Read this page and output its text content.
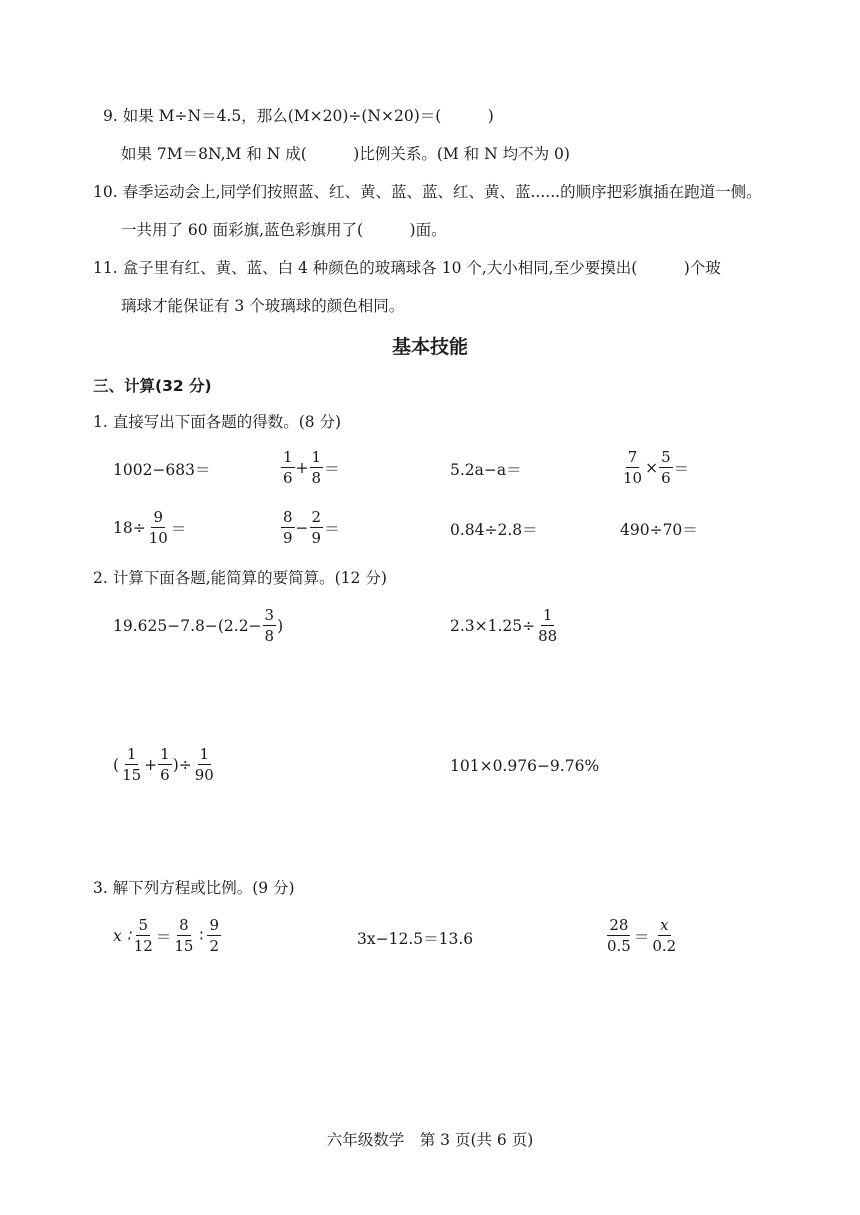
9. 如果 M÷N＝4.5，那么(M×20)÷(N×20)＝(　　　)
如果 7M＝8N,M 和 N 成(　　　)比例关系。(M 和 N 均不为 0)
10. 春季运动会上,同学们按照蓝、红、黄、蓝、蓝、红、黄、蓝......的顺序把彩旗插在跑道一侧。
一共用了 60 面彩旗,蓝色彩旗用了(　　　)面。
11. 盒子里有红、黄、蓝、白 4 种颜色的玻璃球各 10 个,大小相同,至少要摸出(　　　)个玻
璃球才能保证有 3 个玻璃球的颜色相同。
基本技能
三、计算(32 分)
1. 直接写出下面各题的得数。(8 分)
1002−683＝	$\frac{1}{6} + \frac{1}{8}$ ＝	5.2a−a＝	$\frac{7}{10} \times \frac{5}{6}$ ＝
$18\div \frac{9}{10}$ ＝	$\frac{8}{9} - \frac{2}{9}$ ＝	0.84÷2.8＝	490÷70＝
2. 计算下面各题,能简算的要简算。(12 分)
$19.625-7.8-(2.2- \frac{3}{8}$ )	$2.3\times 1.25\div \frac{1}{88}$
( $\frac{1}{15} + \frac{1}{6}$ )÷ $\frac{1}{90}$	101×0.976−9.76%
3. 解下列方程或比例。(9 分)
x ∶ $\frac{5}{12} = \frac{8}{15}$ ∶ $\frac{9}{2}$	3x−12.5＝13.6	$\frac{28}{0.5} = \frac{x}{0.2}$
六年级数学　第 3 页(共 6 页)
